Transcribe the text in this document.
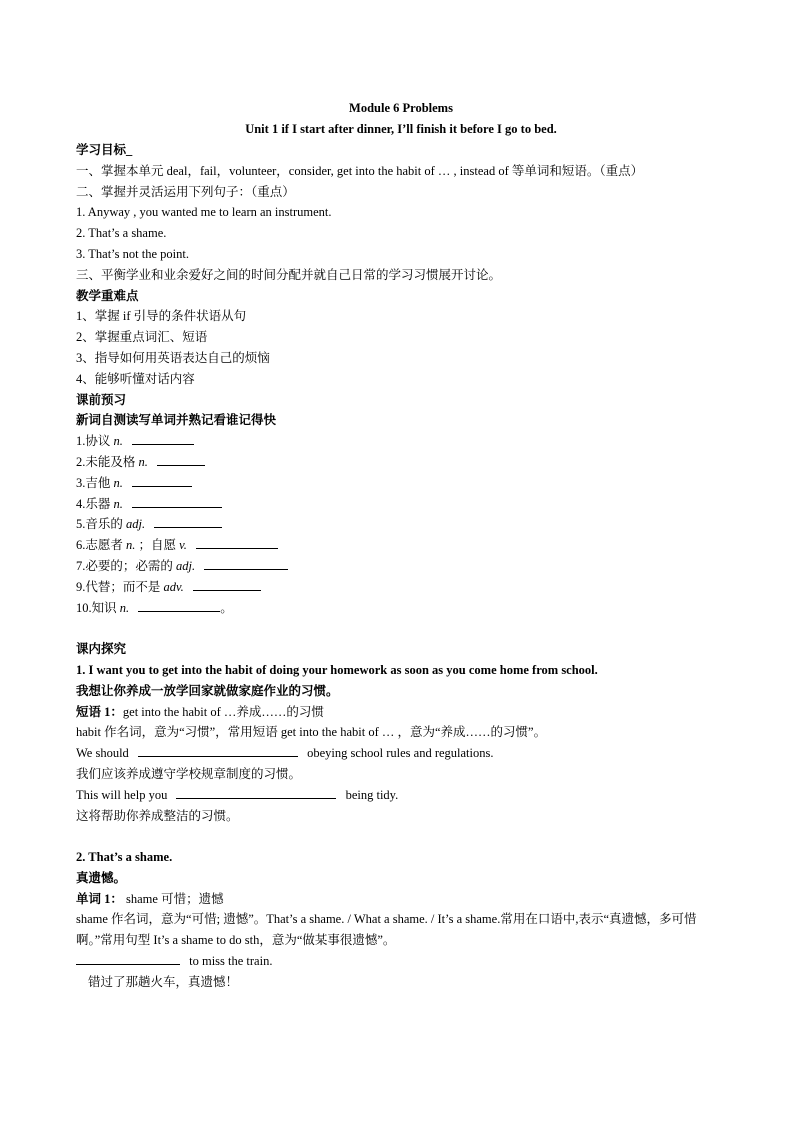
Module 6 Problems
Unit 1 if I start after dinner, I’ll finish it before I go to bed.
学习目标_
一、掌握本单元 deal，fail，volunteer，consider, get into the habit of … , instead of 等单词和短语。（重点）
二、掌握并灵活运用下列句子：（重点）
1. Anyway , you wanted me to learn an instrument.
2. That’s a shame.
3. That’s not the point.
三、平衡学业和业余爱好之间的时间分配并就自己日常的学习习惯展开讨论。
教学重难点
1、掌握 if 引导的条件状语从句
2、掌握重点词汇、短语
3、指导如何用英语表达自己的烦恼
4、能够听懂对话内容
课前预习
新词自测读写单词并熟记看谁记得快
1.协议 n.
2.未能及格 n.
3.吉他 n.
4.乐器 n.
5.音乐的 adj.
6.志愿者 n. ；自愿 v.
7.必要的；必需的 adj.
9.代替；而不是 adv.
10.知识 n.	。
课内探究
1. I want you to get into the habit of doing your homework as soon as you come home from school.
我想让你养成一放学回家就做家庭作业的习惯。
短语 1：get into the habit of …养成……的习惯
habit 作名词，意为“习惯”，常用短语 get into the habit of … ，意为“养成……的习惯”。
We should	obeying school rules and regulations.
我们应该养成遵守学校规章制度的习惯。
This will help you	being tidy.
这将帮助你养成整洁的习惯。
2. That’s a shame.
真遗憾。
单词 1： shame 可惜；遗憾
shame 作名词，意为“可惜; 遗憾”。That’s a shame. / What a shame. / It’s a shame.常用在口语中,表示“真遗憾，多可惜啊。”常用句型 It’s a shame to do sth，意为“做某事很遗憾”。
to miss the train.
错过了那趟火车，真遗憾！
